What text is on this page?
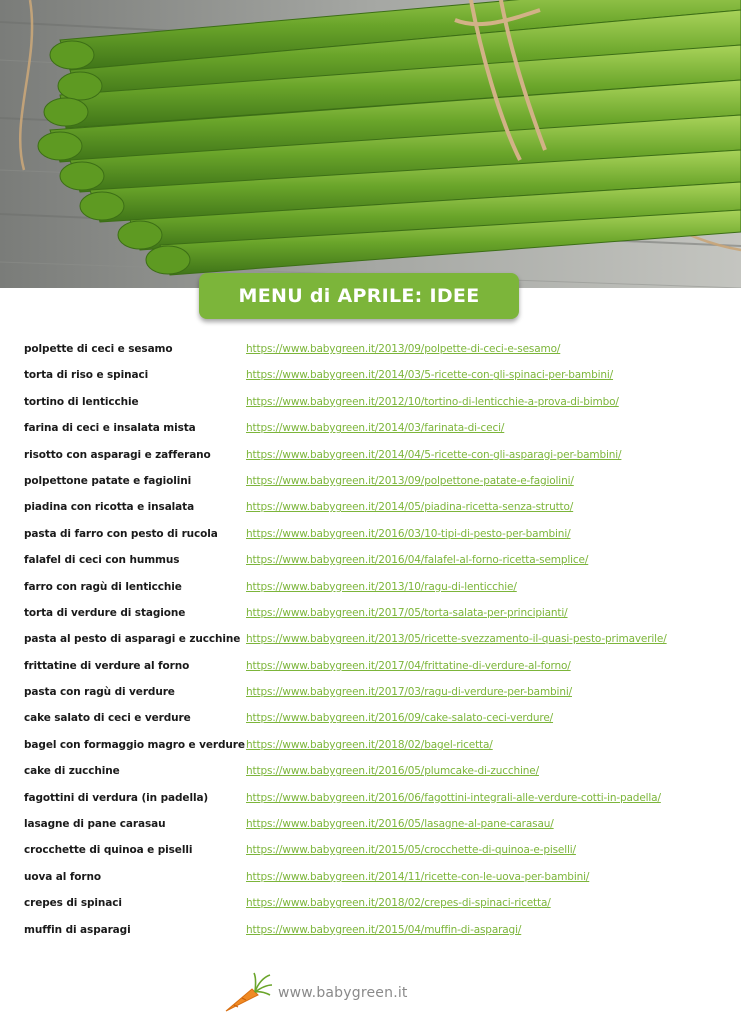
MENU di APRILE: IDEE
polpette di ceci e sesamo	https://www.babygreen.it/2013/09/polpette-di-ceci-e-sesamo/
torta di riso e spinaci	https://www.babygreen.it/2014/03/5-ricette-con-gli-spinaci-per-bambini/
tortino di lenticchie	https://www.babygreen.it/2012/10/tortino-di-lenticchie-a-prova-di-bimbo/
farina di ceci e insalata mista	https://www.babygreen.it/2014/03/farinata-di-ceci/
risotto con asparagi e zafferano	https://www.babygreen.it/2014/04/5-ricette-con-gli-asparagi-per-bambini/
polpettone patate e fagiolini	https://www.babygreen.it/2013/09/polpettone-patate-e-fagiolini/
piadina con ricotta e insalata	https://www.babygreen.it/2014/05/piadina-ricetta-senza-strutto/
pasta di farro con pesto di rucola	https://www.babygreen.it/2016/03/10-tipi-di-pesto-per-bambini/
falafel di ceci con hummus	https://www.babygreen.it/2016/04/falafel-al-forno-ricetta-semplice/
farro con ragù di lenticchie	https://www.babygreen.it/2013/10/ragu-di-lenticchie/
torta di verdure di stagione	https://www.babygreen.it/2017/05/torta-salata-per-principianti/
pasta al pesto di asparagi e zucchine https://www.babygreen.it/2013/05/ricette-svezzamento-il-quasi-pesto-primaverile/
frittatine di verdure al forno	https://www.babygreen.it/2017/04/frittatine-di-verdure-al-forno/
pasta con ragù di verdure	https://www.babygreen.it/2017/03/ragu-di-verdure-per-bambini/
cake salato di ceci e verdure	https://www.babygreen.it/2016/09/cake-salato-ceci-verdure/
bagel con formaggio magro e verdure https://www.babygreen.it/2018/02/bagel-ricetta/
cake di zucchine	https://www.babygreen.it/2016/05/plumcake-di-zucchine/
fagottini di verdura (in padella)	https://www.babygreen.it/2016/06/fagottini-integrali-alle-verdure-cotti-in-padella/
lasagne di pane carasau	https://www.babygreen.it/2016/05/lasagne-al-pane-carasau/
crocchette di quinoa e piselli	https://www.babygreen.it/2015/05/crocchette-di-quinoa-e-piselli/
uova al forno	https://www.babygreen.it/2014/11/ricette-con-le-uova-per-bambini/
crepes di spinaci	https://www.babygreen.it/2018/02/crepes-di-spinaci-ricetta/
muffin di asparagi	https://www.babygreen.it/2015/04/muffin-di-asparagi/
www.babygreen.it
